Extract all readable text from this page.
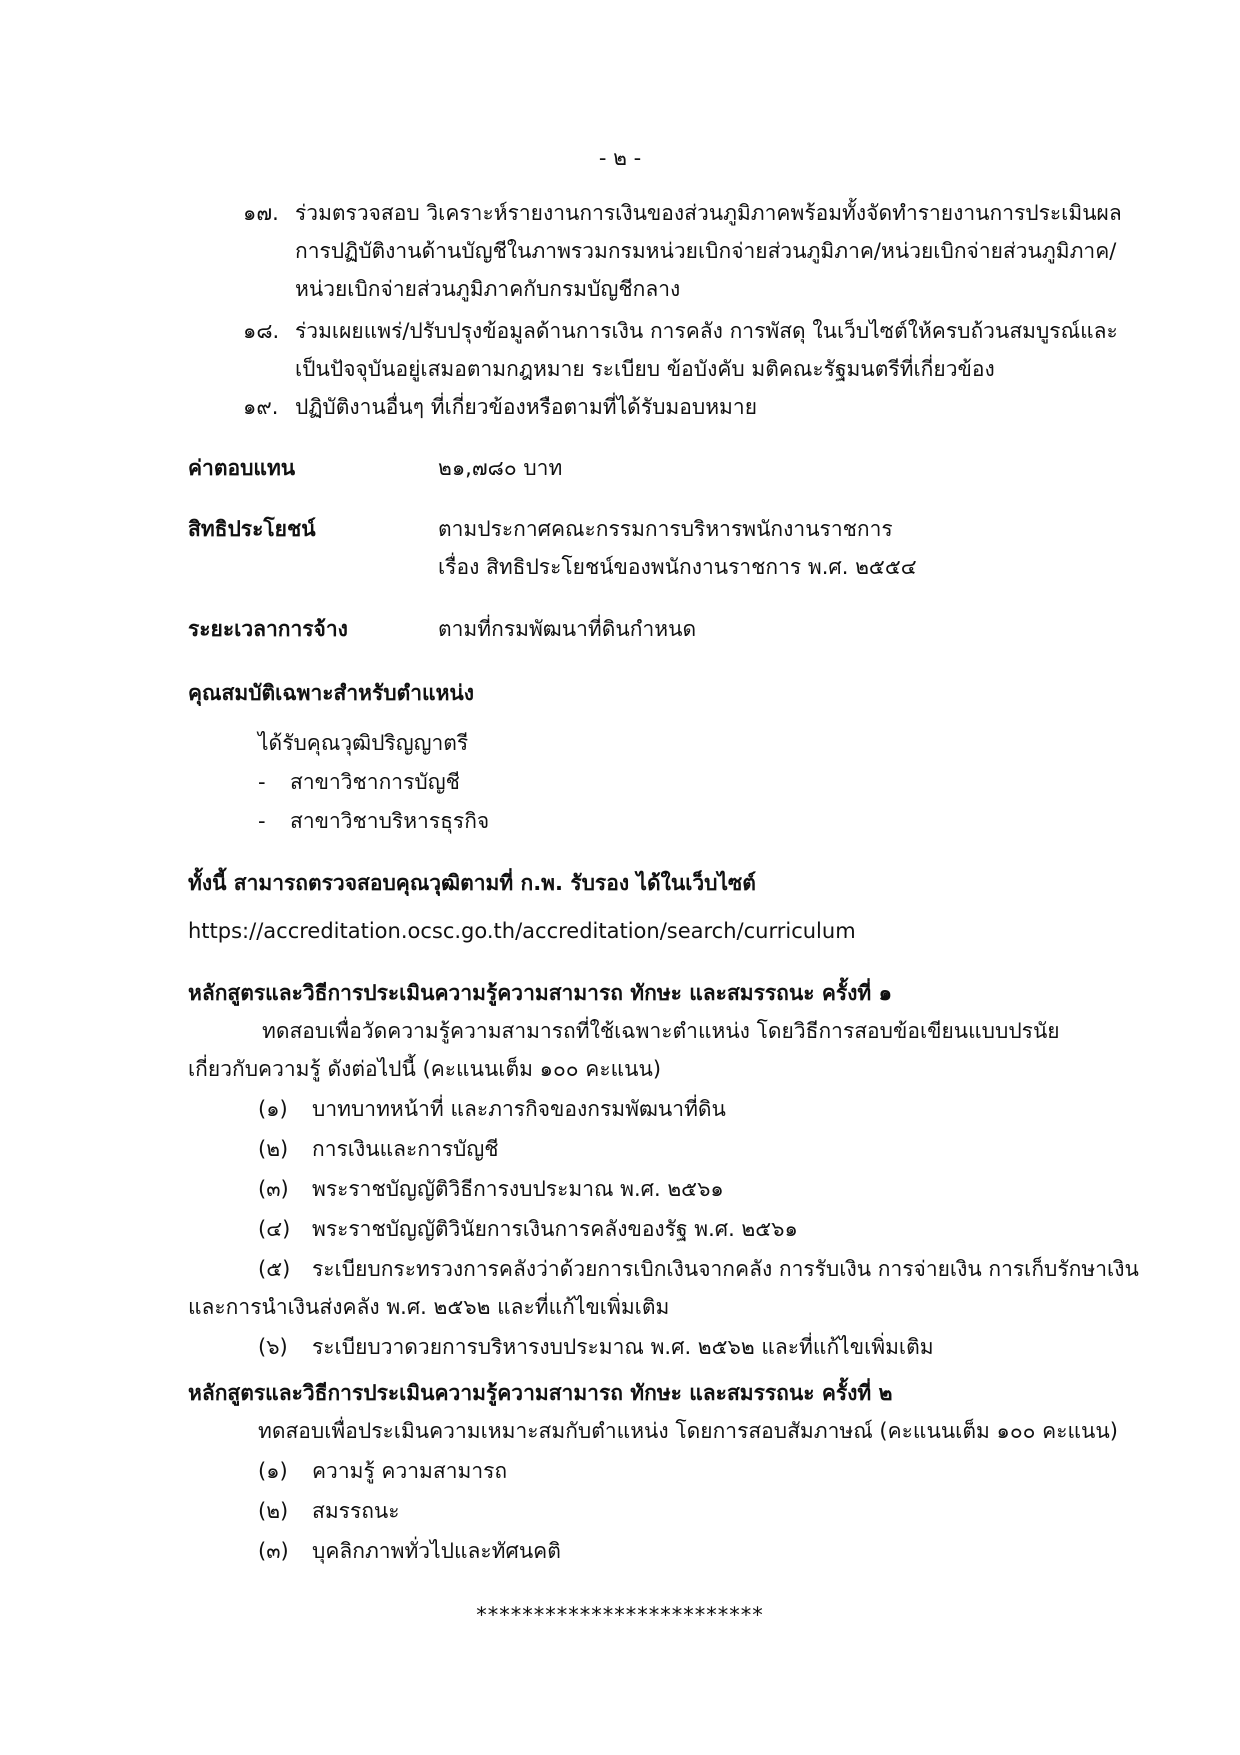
- ๒ -
๑๗. ร่วมตรวจสอบ วิเคราะห์รายงานการเงินของส่วนภูมิภาคพร้อมทั้งจัดทำรายงานการประเมินผล
การปฏิบัติงานด้านบัญชีในภาพรวมกรมหน่วยเบิกจ่ายส่วนภูมิภาค/หน่วยเบิกจ่ายส่วนภูมิภาค/
หน่วยเบิกจ่ายส่วนภูมิภาคกับกรมบัญชีกลาง
๑๘. ร่วมเผยแพร่/ปรับปรุงข้อมูลด้านการเงิน การคลัง การพัสดุ ในเว็บไซต์ให้ครบถ้วนสมบูรณ์และ
เป็นปัจจุบันอยู่เสมอตามกฎหมาย ระเบียบ ข้อบังคับ มติคณะรัฐมนตรีที่เกี่ยวข้อง
๑๙. ปฏิบัติงานอื่นๆ ที่เกี่ยวข้องหรือตามที่ได้รับมอบหมาย
ค่าตอบแทน	๒๑,๗๘๐ บาท
สิทธิประโยชน์	ตามประกาศคณะกรรมการบริหารพนักงานราชการ
เรื่อง สิทธิประโยชน์ของพนักงานราชการ พ.ศ. ๒๕๕๔
ระยะเวลาการจ้าง	ตามที่กรมพัฒนาที่ดินกำหนด
คุณสมบัติเฉพาะสำหรับตำแหน่ง
ได้รับคุณวุฒิปริญญาตรี
- สาขาวิชาการบัญชี
- สาขาวิชาบริหารธุรกิจ
ทั้งนี้ สามารถตรวจสอบคุณวุฒิตามที่ ก.พ. รับรอง ได้ในเว็บไซต์
https://accreditation.ocsc.go.th/accreditation/search/curriculum
หลักสูตรและวิธีการประเมินความรู้ความสามารถ ทักษะ และสมรรถนะ ครั้งที่ ๑
ทดสอบเพื่อวัดความรู้ความสามารถที่ใช้เฉพาะตำแหน่ง โดยวิธีการสอบข้อเขียนแบบปรนัย
เกี่ยวกับความรู้ ดังต่อไปนี้ (คะแนนเต็ม ๑๐๐ คะแนน)
(๑) บาทบาทหน้าที่ และภารกิจของกรมพัฒนาที่ดิน
(๒) การเงินและการบัญชี
(๓) พระราชบัญญัติวิธีการงบประมาณ พ.ศ. ๒๕๖๑
(๔) พระราชบัญญัติวินัยการเงินการคลังของรัฐ พ.ศ. ๒๕๖๑
(๕) ระเบียบกระทรวงการคลังว่าด้วยการเบิกเงินจากคลัง การรับเงิน การจ่ายเงิน การเก็บรักษาเงิน
และการนำเงินส่งคลัง พ.ศ. ๒๕๖๒ และที่แก้ไขเพิ่มเติม
(๖) ระเบียบวาดวยการบริหารงบประมาณ พ.ศ. ๒๕๖๒ และที่แก้ไขเพิ่มเติม
หลักสูตรและวิธีการประเมินความรู้ความสามารถ ทักษะ และสมรรถนะ ครั้งที่ ๒
ทดสอบเพื่อประเมินความเหมาะสมกับตำแหน่ง โดยการสอบสัมภาษณ์ (คะแนนเต็ม ๑๐๐ คะแนน)
(๑) ความรู้ ความสามารถ
(๒) สมรรถนะ
(๓) บุคลิกภาพทั่วไปและทัศนคติ
*************************
